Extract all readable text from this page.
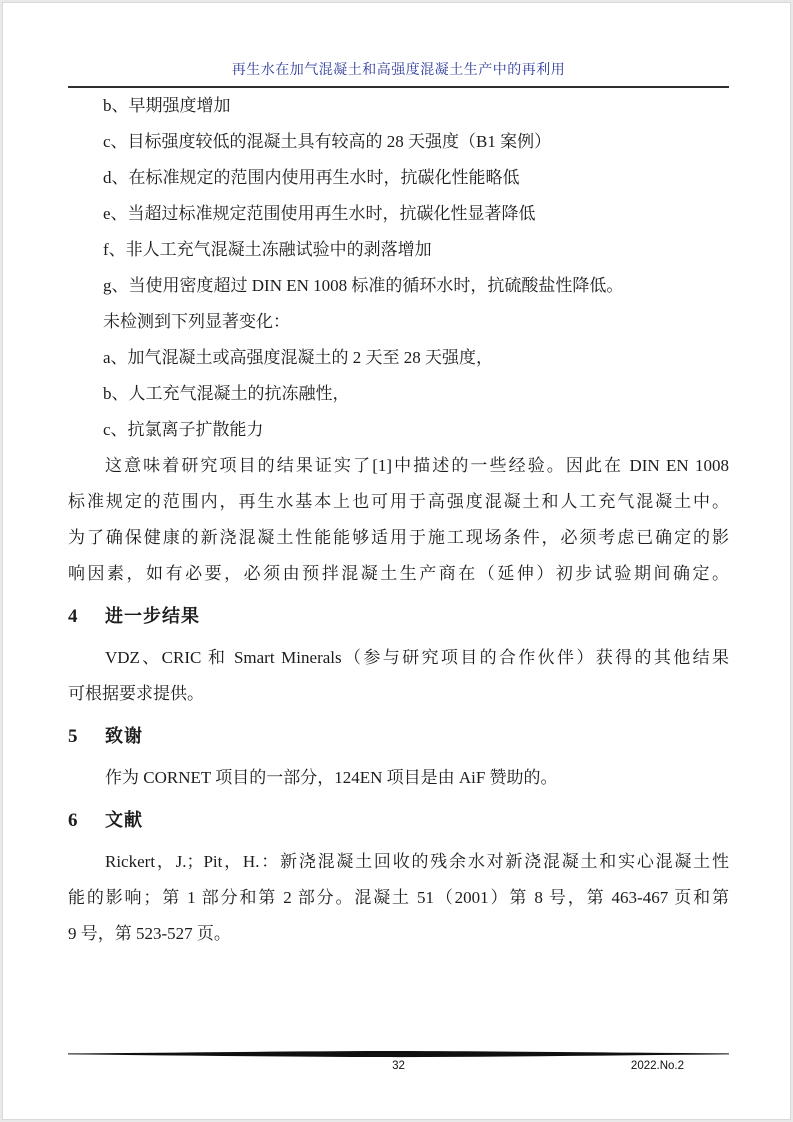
再生水在加气混凝土和高强度混凝土生产中的再利用
b、早期强度增加
c、目标强度较低的混凝土具有较高的 28 天强度（B1 案例）
d、在标准规定的范围内使用再生水时，抗碳化性能略低
e、当超过标准规定范围使用再生水时，抗碳化性显著降低
f、非人工充气混凝土冻融试验中的剥落增加
g、当使用密度超过 DIN EN 1008 标准的循环水时，抗硫酸盐性降低。
未检测到下列显著变化：
a、加气混凝土或高强度混凝土的 2 天至 28 天强度，
b、人工充气混凝土的抗冻融性，
c、抗氯离子扩散能力
这意味着研究项目的结果证实了[1]中描述的一些经验。因此在 DIN EN 1008
标准规定的范围内，再生水基本上也可用于高强度混凝土和人工充气混凝土中。
为了确保健康的新浇混凝土性能能够适用于施工现场条件，必须考虑已确定的影
响因素，如有必要，必须由预拌混凝土生产商在（延伸）初步试验期间确定。
4	进一步结果
VDZ、CRIC 和 Smart Minerals（参与研究项目的合作伙伴）获得的其他结果
可根据要求提供。
5	致谢
作为 CORNET 项目的一部分，124EN 项目是由 AiF 赞助的。
6	文献
Rickert，J.；Pit，H.：新浇混凝土回收的残余水对新浇混凝土和实心混凝土性
能的影响；第 1 部分和第 2 部分。混凝土 51（2001）第 8 号，第 463-467 页和第
9 号，第 523-527 页。
32	2022.No.2
